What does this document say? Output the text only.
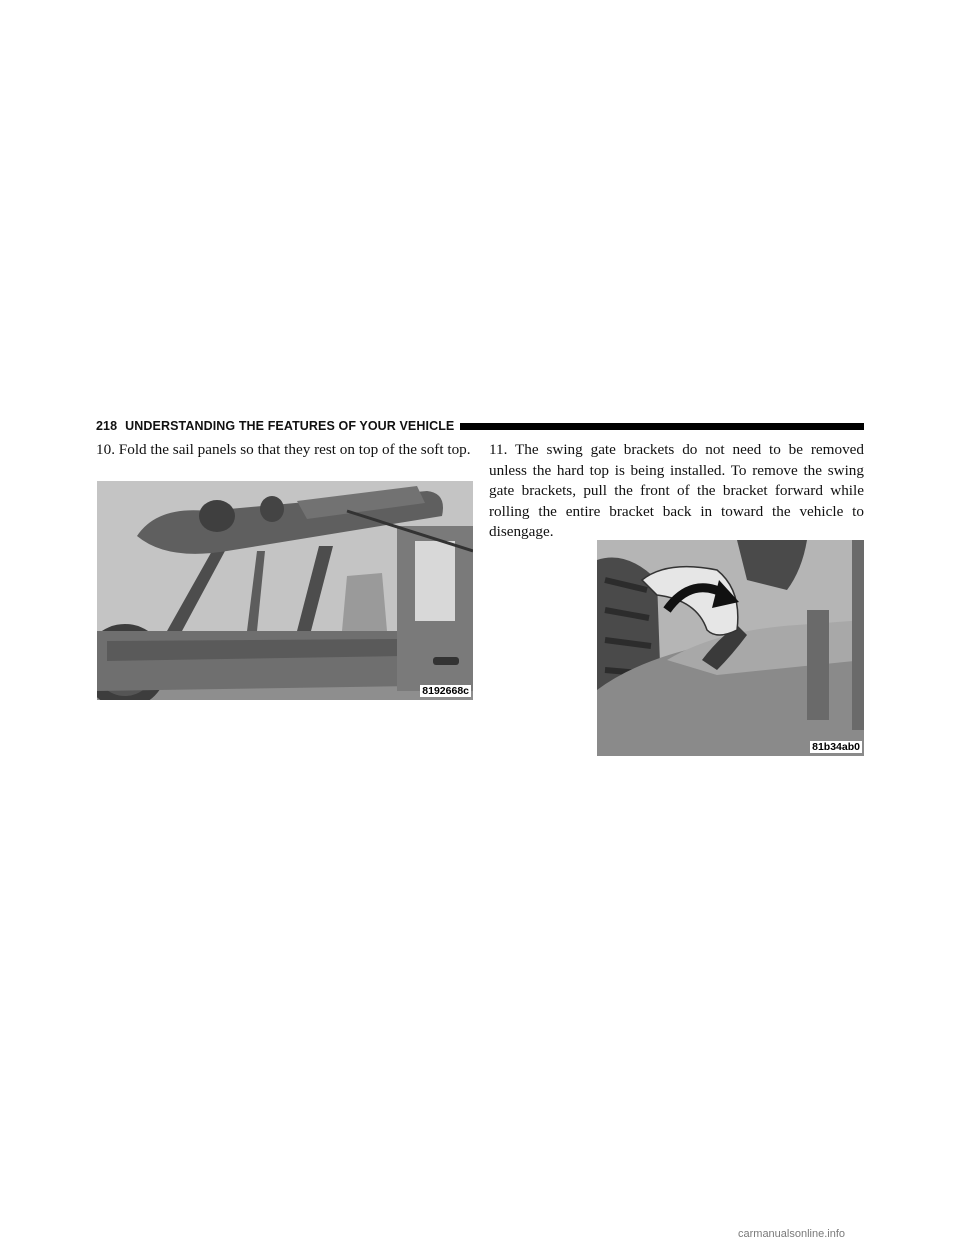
218 UNDERSTANDING THE FEATURES OF YOUR VEHICLE
10. Fold the sail panels so that they rest on top of the soft top.
8192668c
11. The swing gate brackets do not need to be removed unless the hard top is being installed. To remove the swing gate brackets, pull the front of the bracket forward while rolling the entire bracket back in toward the vehicle to disengage.
81b34ab0
carmanualsonline.info
